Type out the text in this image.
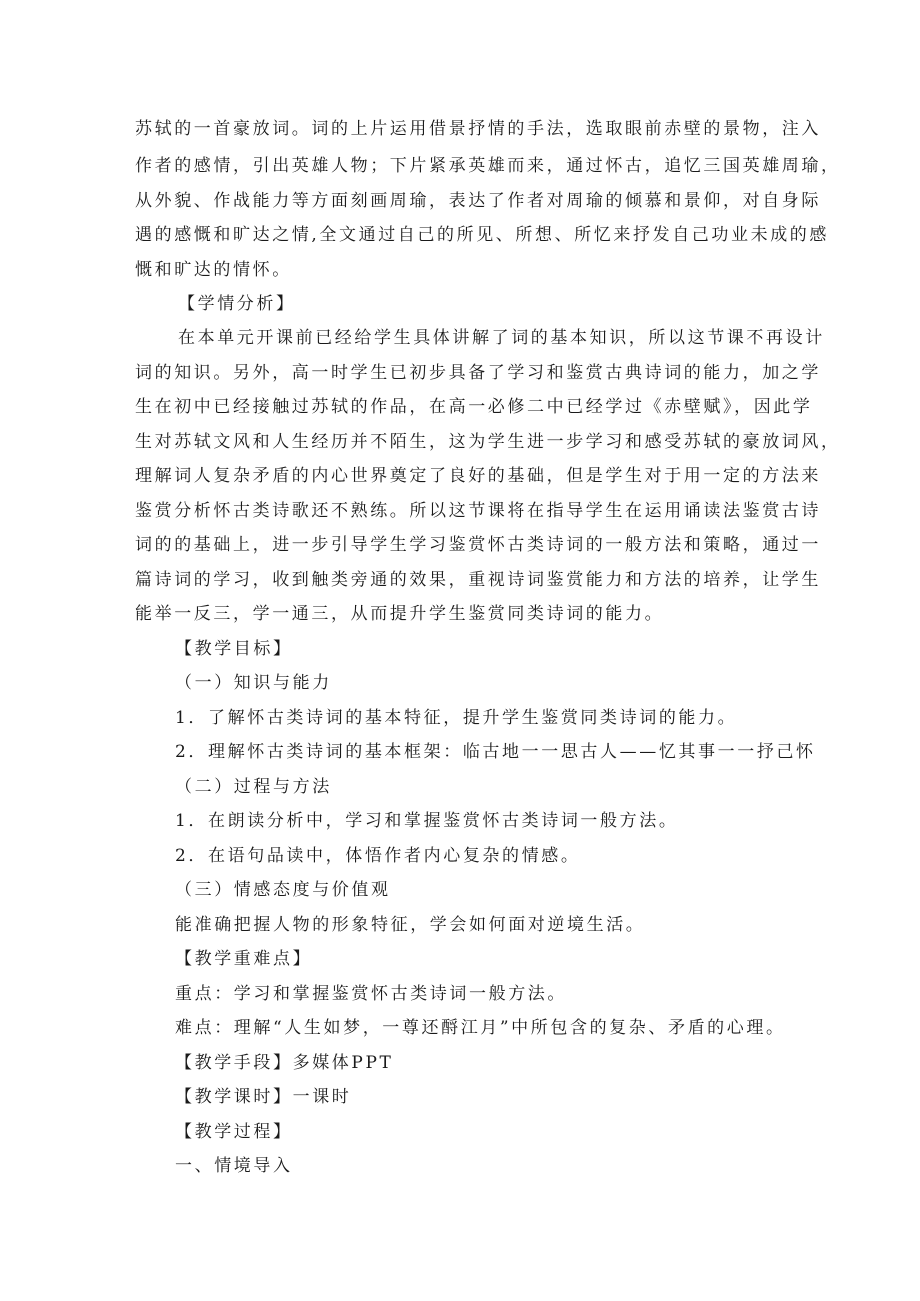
苏轼的一首豪放词。词的上片运用借景抒情的手法，选取眼前赤壁的景物，注入
作者的感情，引出英雄人物；下片紧承英雄而来，通过怀古，追忆三国英雄周瑜，
从外貌、作战能力等方面刻画周瑜，表达了作者对周瑜的倾慕和景仰，对自身际
遇的感慨和旷达之情,全文通过自己的所见、所想、所忆来抒发自己功业未成的感
慨和旷达的情怀。
【学情分析】
在本单元开课前已经给学生具体讲解了词的基本知识，所以这节课不再设计
词的知识。另外，高一时学生已初步具备了学习和鉴赏古典诗词的能力，加之学
生在初中已经接触过苏轼的作品，在高一必修二中已经学过《赤壁赋》，因此学
生对苏轼文风和人生经历并不陌生，这为学生进一步学习和感受苏轼的豪放词风，
理解词人复杂矛盾的内心世界奠定了良好的基础，但是学生对于用一定的方法来
鉴赏分析怀古类诗歌还不熟练。所以这节课将在指导学生在运用诵读法鉴赏古诗
词的的基础上，进一步引导学生学习鉴赏怀古类诗词的一般方法和策略，通过一
篇诗词的学习，收到触类旁通的效果，重视诗词鉴赏能力和方法的培养，让学生
能举一反三，学一通三，从而提升学生鉴赏同类诗词的能力。
【教学目标】
（一）知识与能力
1．了解怀古类诗词的基本特征，提升学生鉴赏同类诗词的能力。
2．理解怀古类诗词的基本框架：临古地一一思古人——忆其事一一抒己怀
（二）过程与方法
1．在朗读分析中，学习和掌握鉴赏怀古类诗词一般方法。
2．在语句品读中，体悟作者内心复杂的情感。
（三）情感态度与价值观
能准确把握人物的形象特征，学会如何面对逆境生活。
【教学重难点】
重点：学习和掌握鉴赏怀古类诗词一般方法。
难点：理解“人生如梦，一尊还酹江月”中所包含的复杂、矛盾的心理。
【教学手段】多媒体PPT
【教学课时】一课时
【教学过程】
一、情境导入
